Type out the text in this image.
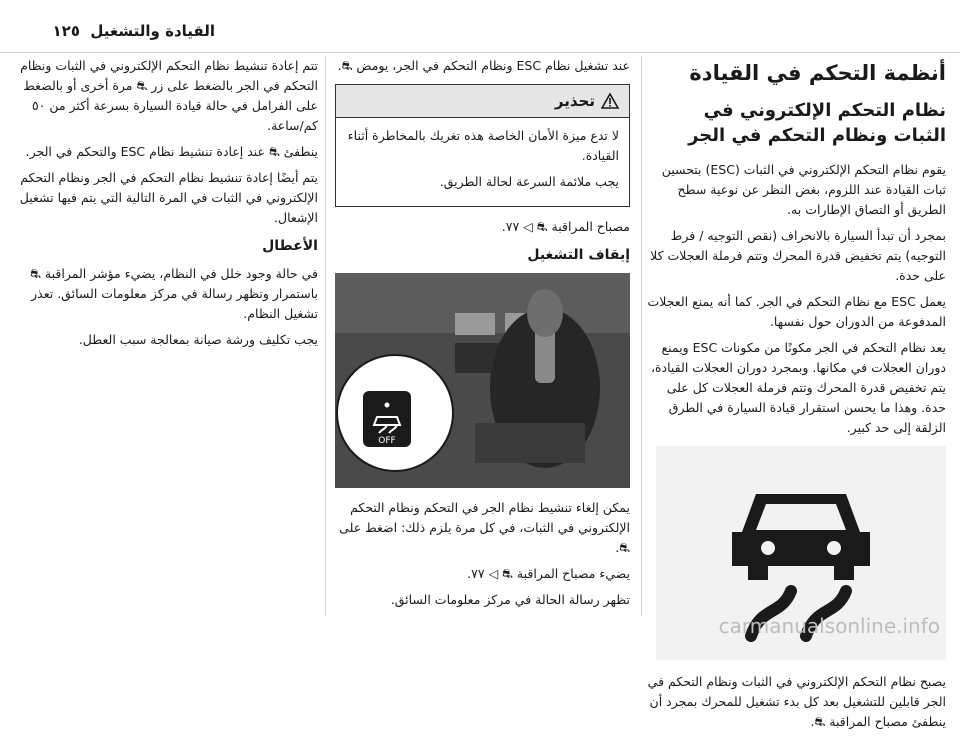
القيادة والتشغيل
١٢٥
أنظمة التحكم في القيادة
نظام التحكم الإلكتروني في الثبات ونظام التحكم في الجر

يقوم نظام التحكم الإلكتروني في الثبات (ESC) بتحسين ثبات القيادة عند اللزوم، بغض النظر عن نوعية سطح الطريق أو التصاق الإطارات به.

بمجرد أن تبدأ السيارة بالانحراف (نقص التوجيه / فرط التوجيه) يتم تخفيض قدرة المحرك وتتم فرملة العجلات كلا على حدة.

يعمل ESC مع نظام التحكم في الجر. كما أنه يمنع العجلات المدفوعة من الدوران حول نفسها.

يعد نظام التحكم في الجر مكونًا من مكونات ESC ويمنع دوران العجلات في مكانها. وبمجرد دوران العجلات القيادة، يتم تخفيض قدرة المحرك وتتم فرملة العجلات كل على حدة. وهذا ما يحسن استقرار قيادة السيارة في الطرق الزلقة إلى حد كبير.

يصبح نظام التحكم الإلكتروني في الثبات ونظام التحكم في الجر قابلين للتشغيل بعد كل بدء تشغيل للمحرك بمجرد أن ينطفئ مصباح المراقبة ⛐.

عند تشغيل نظام ESC ونظام التحكم في الجر، يومض ⛐.

تحذير

لا تدع ميزة الأمان الخاصة هذه تغريك بالمخاطرة أثناء القيادة.

يجب ملائمة السرعة لحالة الطريق.

مصباح المراقبة ⛐ ◁ ٧٧.

إيقاف التشغيل
OFF

يمكن إلغاء تنشيط نظام الجر في التحكم ونظام التحكم الإلكتروني في الثبات، في كل مرة يلزم ذلك: اضغط على ⛐.

يضيء مصباح المراقبة ⛐ ◁ ٧٧.

تظهر رسالة الحالة في مركز معلومات السائق.

تتم إعادة تنشيط نظام التحكم الإلكتروني في الثبات ونظام التحكم في الجر بالضغط على زر ⛐ مرة أخرى أو بالضغط على الفرامل في حالة قيادة السيارة بسرعة أكثر من ٥٠ كم/ساعة.

ينطفئ ⛐ عند إعادة تنشيط نظام ESC والتحكم في الجر.

يتم أيضًا إعادة تنشيط نظام التحكم في الجر ونظام التحكم الإلكتروني في الثبات في المرة التالية التي يتم فيها تشغيل الإشعال.

الأعطال

في حالة وجود خلل في النظام، يضيء مؤشر المراقبة ⛐ باستمرار وتظهر رسالة في مركز معلومات السائق. تعذر تشغيل النظام.

يجب تكليف ورشة صيانة بمعالجة سبب العطل.

carmanualsonline.info
